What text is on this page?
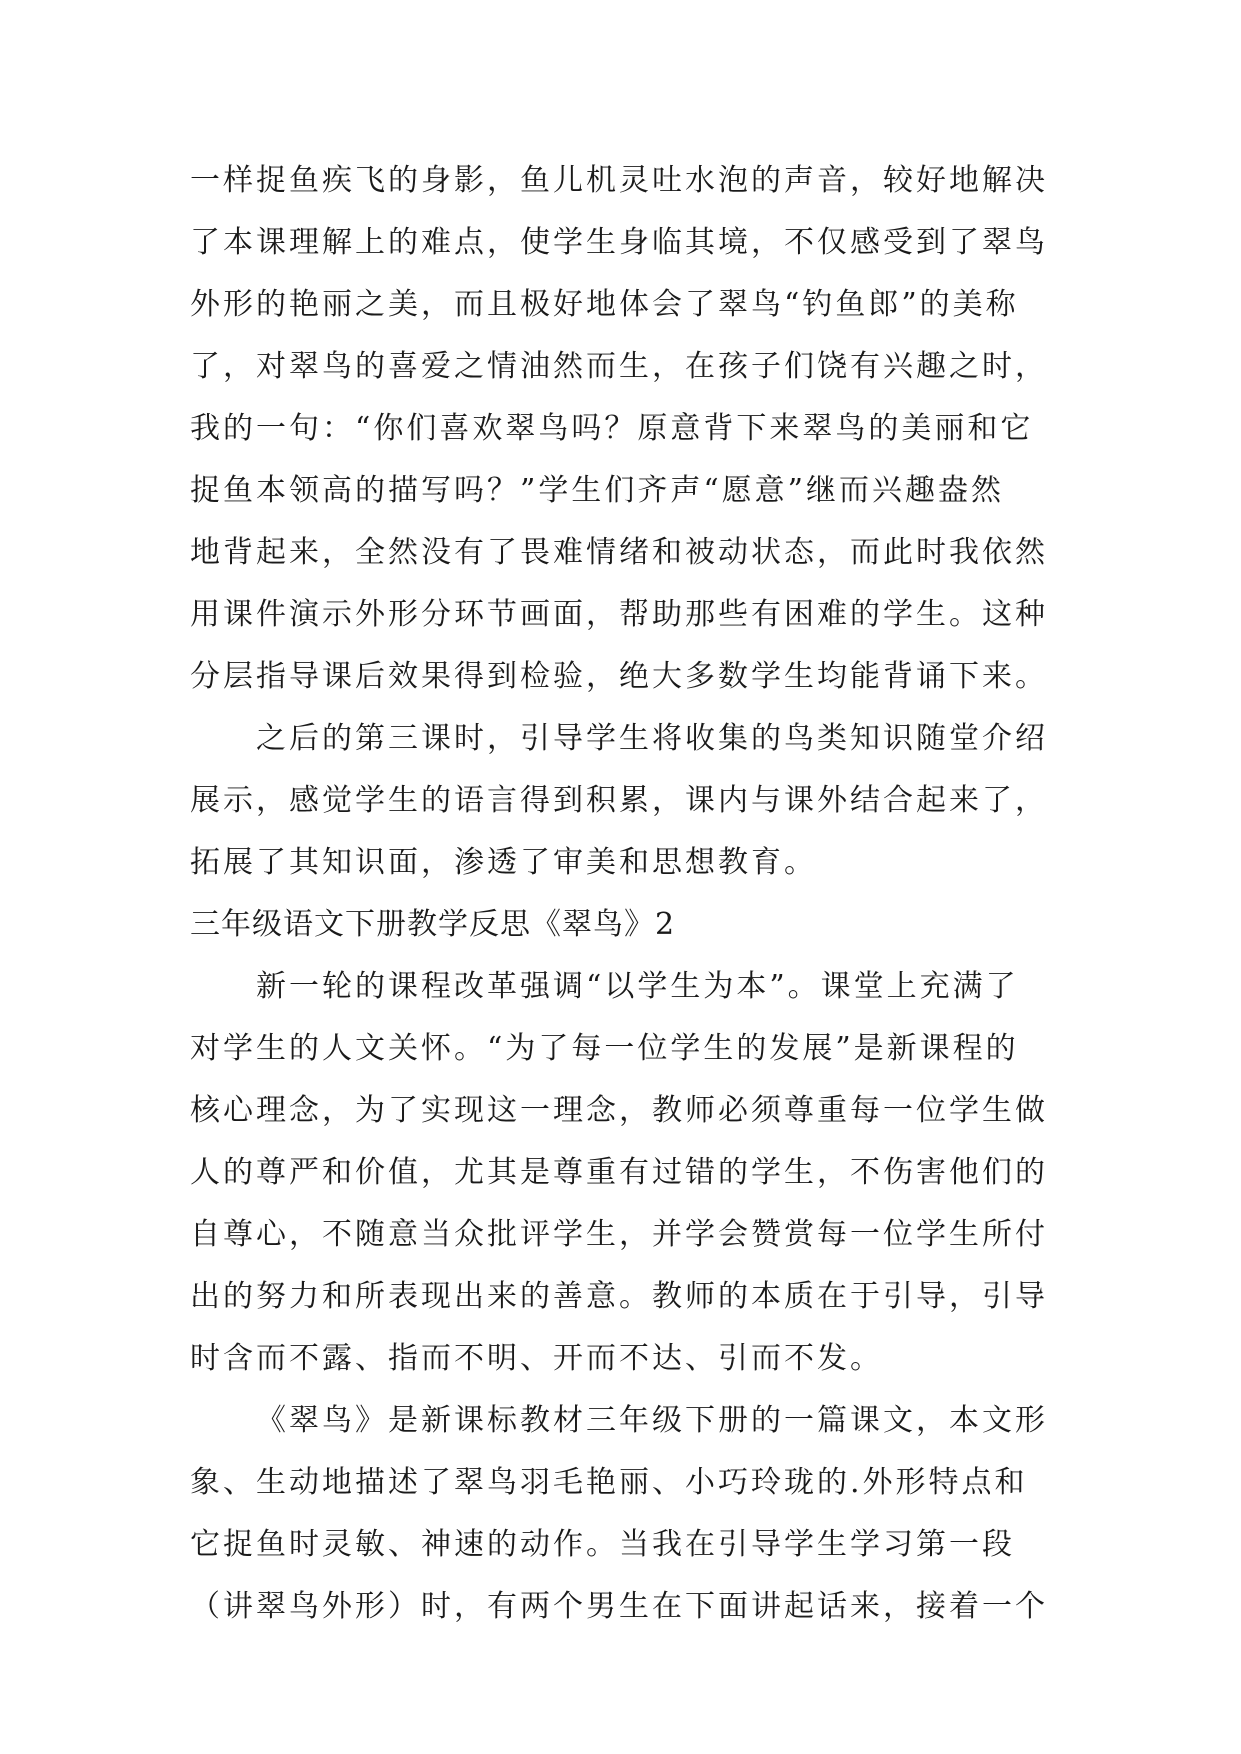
一样捉鱼疾飞的身影，鱼儿机灵吐水泡的声音，较好地解决
了本课理解上的难点，使学生身临其境，不仅感受到了翠鸟
外形的艳丽之美，而且极好地体会了翠鸟“钓鱼郎”的美称
了，对翠鸟的喜爱之情油然而生，在孩子们饶有兴趣之时，
我的一句：“你们喜欢翠鸟吗？原意背下来翠鸟的美丽和它
捉鱼本领高的描写吗？”学生们齐声“愿意”继而兴趣盎然
地背起来，全然没有了畏难情绪和被动状态，而此时我依然
用课件演示外形分环节画面，帮助那些有困难的学生。这种
分层指导课后效果得到检验，绝大多数学生均能背诵下来。
之后的第三课时，引导学生将收集的鸟类知识随堂介绍
展示，感觉学生的语言得到积累，课内与课外结合起来了，
拓展了其知识面，渗透了审美和思想教育。
三年级语文下册教学反思《翠鸟》2
新一轮的课程改革强调“以学生为本”。课堂上充满了
对学生的人文关怀。“为了每一位学生的发展”是新课程的
核心理念，为了实现这一理念，教师必须尊重每一位学生做
人的尊严和价值，尤其是尊重有过错的学生，不伤害他们的
自尊心，不随意当众批评学生，并学会赞赏每一位学生所付
出的努力和所表现出来的善意。教师的本质在于引导，引导
时含而不露、指而不明、开而不达、引而不发。
《翠鸟》是新课标教材三年级下册的一篇课文，本文形
象、生动地描述了翠鸟羽毛艳丽、小巧玲珑的.外形特点和
它捉鱼时灵敏、神速的动作。当我在引导学生学习第一段
（讲翠鸟外形）时，有两个男生在下面讲起话来，接着一个
